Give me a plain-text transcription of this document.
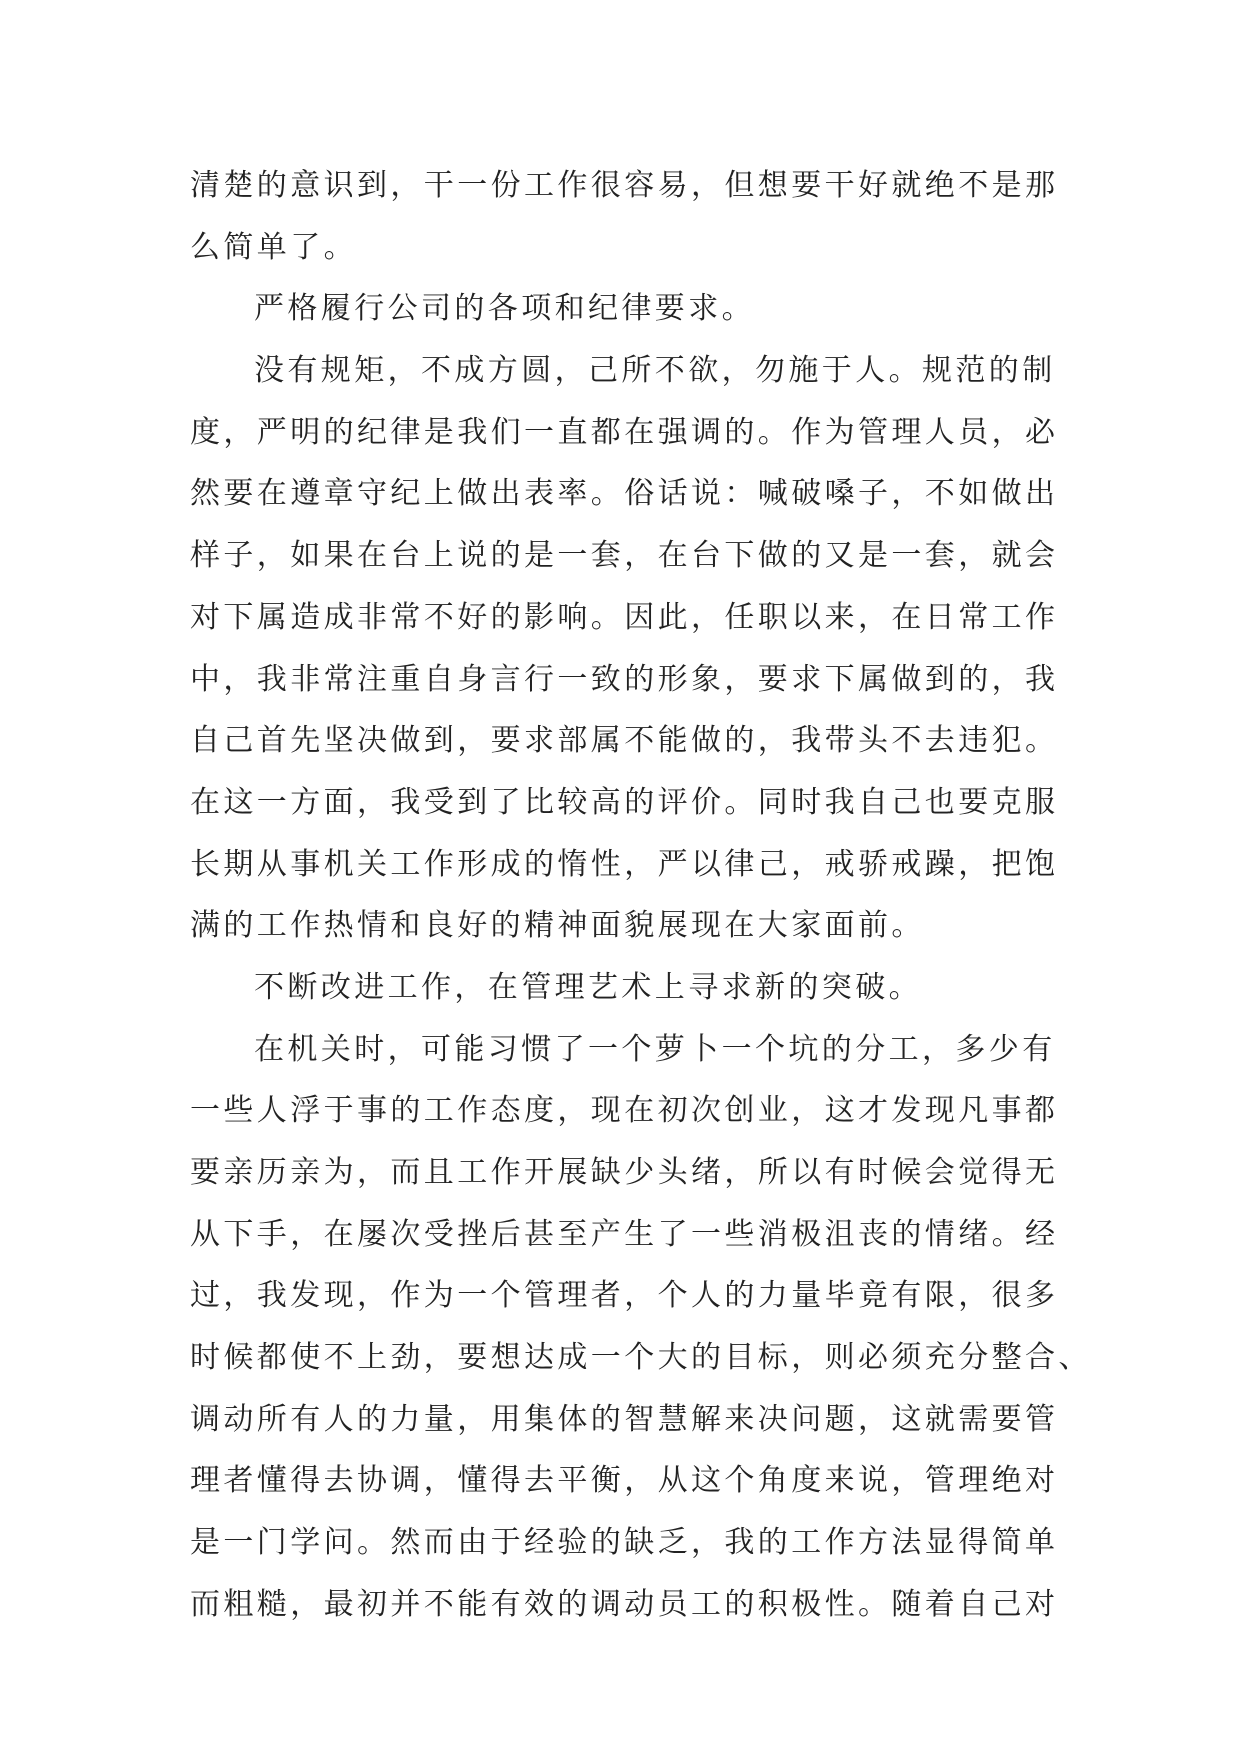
清楚的意识到，干一份工作很容易，但想要干好就绝不是那
么简单了。
严格履行公司的各项和纪律要求。
没有规矩，不成方圆，己所不欲，勿施于人。规范的制
度，严明的纪律是我们一直都在强调的。作为管理人员，必
然要在遵章守纪上做出表率。俗话说：喊破嗓子，不如做出
样子，如果在台上说的是一套，在台下做的又是一套，就会
对下属造成非常不好的影响。因此，任职以来，在日常工作
中，我非常注重自身言行一致的形象，要求下属做到的，我
自己首先坚决做到，要求部属不能做的，我带头不去违犯。
在这一方面，我受到了比较高的评价。同时我自己也要克服
长期从事机关工作形成的惰性，严以律己，戒骄戒躁，把饱
满的工作热情和良好的精神面貌展现在大家面前。
不断改进工作，在管理艺术上寻求新的突破。
在机关时，可能习惯了一个萝卜一个坑的分工，多少有
一些人浮于事的工作态度，现在初次创业，这才发现凡事都
要亲历亲为，而且工作开展缺少头绪，所以有时候会觉得无
从下手，在屡次受挫后甚至产生了一些消极沮丧的情绪。经
过，我发现，作为一个管理者，个人的力量毕竟有限，很多
时候都使不上劲，要想达成一个大的目标，则必须充分整合、
调动所有人的力量，用集体的智慧解来决问题，这就需要管
理者懂得去协调，懂得去平衡，从这个角度来说，管理绝对
是一门学问。然而由于经验的缺乏，我的工作方法显得简单
而粗糙，最初并不能有效的调动员工的积极性。随着自己对
